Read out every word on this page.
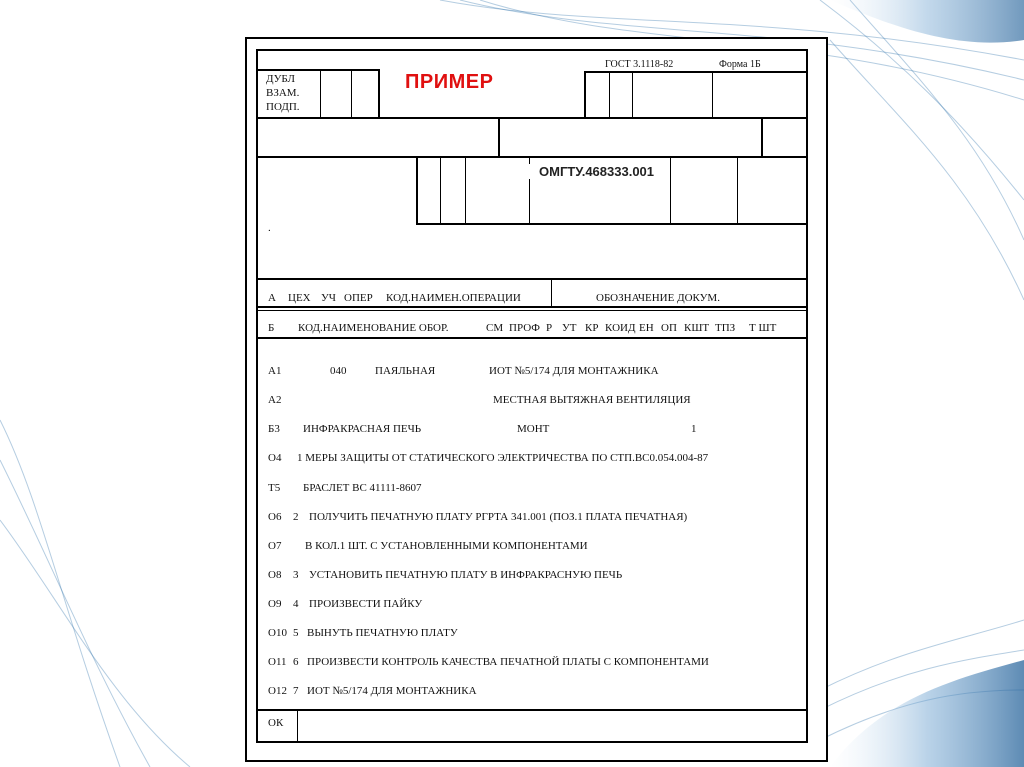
ГОСТ 3.1118-82	Форма 1Б
ДУБЛ
ВЗАМ.
ПОДП.
ПРИМЕР
ОМГТУ.468333.001
.
А ЦЕХ УЧ ОПЕР КОД.НАИМЕН.ОПЕРАЦИИ	ОБОЗНАЧЕНИЕ ДОКУМ.
Б КОД.НАИМЕНОВАНИЕ ОБОР.	СМ ПРОФ Р УТ КР КОИД ЕН ОП КШТ ТПЗ Т ШТ
А1	040	ПАЯЛЬНАЯ	ИОТ №5/174 ДЛЯ МОНТАЖНИКА
А2	МЕСТНАЯ ВЫТЯЖНАЯ ВЕНТИЛЯЦИЯ
Б3 ИНФРАКРАСНАЯ ПЕЧЬ	МОНТ	1
О4 1 МЕРЫ ЗАЩИТЫ ОТ СТАТИЧЕСКОГО ЭЛЕКТРИЧЕСТВА ПО СТП.ВС0.054.004-87
Т5 БРАСЛЕТ ВС 41111-8607
О6 2 ПОЛУЧИТЬ ПЕЧАТНУЮ ПЛАТУ РГРТА 341.001 (ПОЗ.1 ПЛАТА ПЕЧАТНАЯ)
О7 В КОЛ.1 ШТ. С УСТАНОВЛЕННЫМИ КОМПОНЕНТАМИ
О8 3 УСТАНОВИТЬ ПЕЧАТНУЮ ПЛАТУ В ИНФРАКРАСНУЮ ПЕЧЬ
О9 4 ПРОИЗВЕСТИ ПАЙКУ
О10 5 ВЫНУТЬ ПЕЧАТНУЮ ПЛАТУ
О11 6 ПРОИЗВЕСТИ КОНТРОЛЬ КАЧЕСТВА ПЕЧАТНОЙ ПЛАТЫ С КОМПОНЕНТАМИ
О12 7 ИОТ №5/174 ДЛЯ МОНТАЖНИКА
ОК
